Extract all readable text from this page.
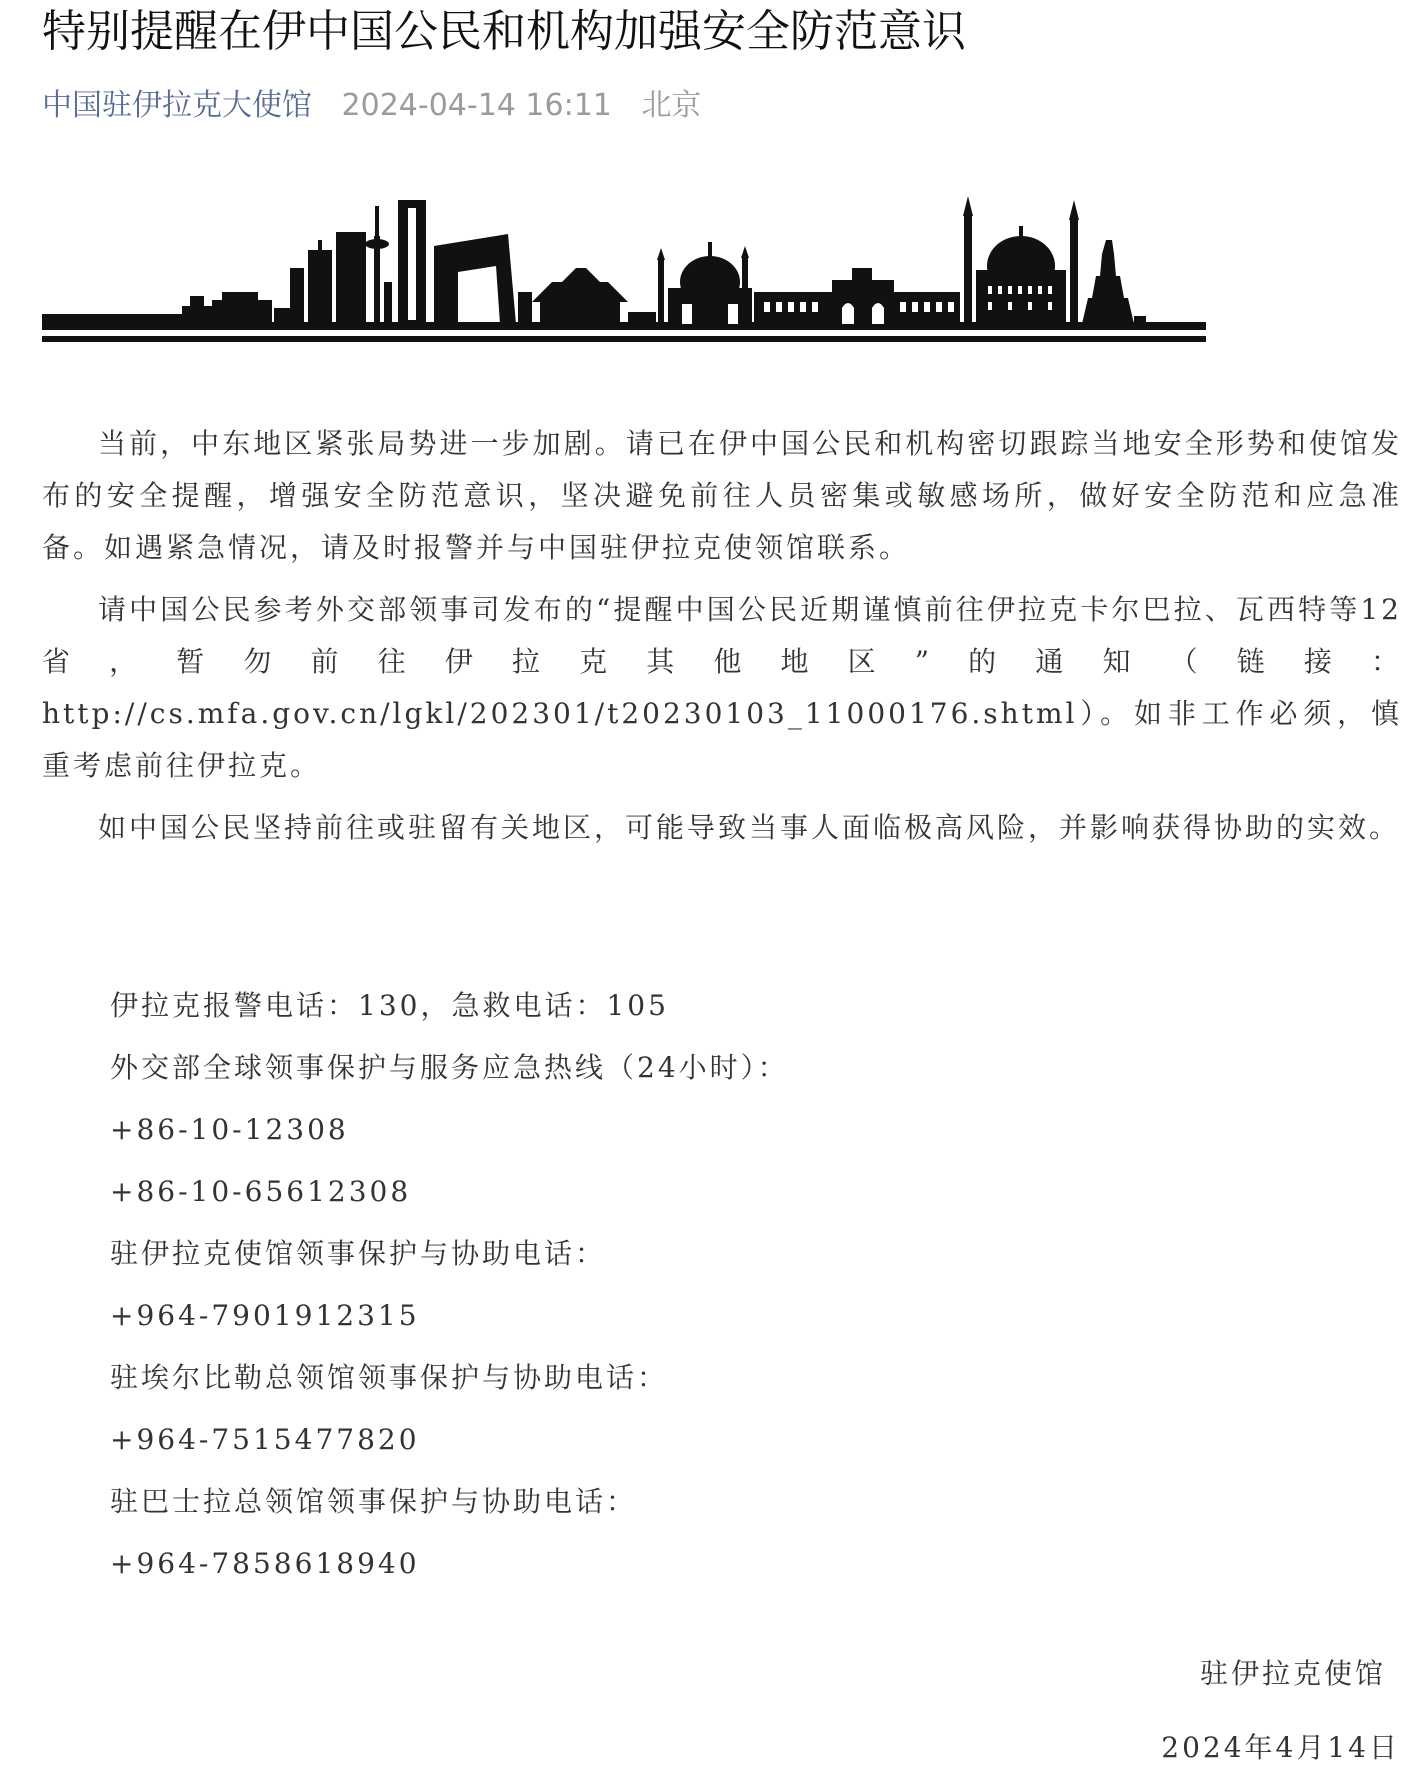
特别提醒在伊中国公民和机构加强安全防范意识
中国驻伊拉克大使馆 2024-04-14 16:11 北京

当前，中东地区紧张局势进一步加剧。请已在伊中国公民和机构密切跟踪当地安全形势和使馆发布的安全提醒，增强安全防范意识，坚决避免前往人员密集或敏感场所，做好安全防范和应急准备。如遇紧急情况，请及时报警并与中国驻伊拉克使领馆联系。

请中国公民参考外交部领事司发布的“提醒中国公民近期谨慎前往伊拉克卡尔巴拉、瓦西特等12省，暂勿前往伊拉克其他地区”的通知（链接：http://cs.mfa.gov.cn/lgkl/202301/t20230103_11000176.shtml）。如非工作必须，慎重考虑前往伊拉克。

如中国公民坚持前往或驻留有关地区，可能导致当事人面临极高风险，并影响获得协助的实效。

伊拉克报警电话：130，急救电话：105
外交部全球领事保护与服务应急热线（24小时）：
+86-10-12308
+86-10-65612308
驻伊拉克使馆领事保护与协助电话：
+964-7901912315
驻埃尔比勒总领馆领事保护与协助电话：
+964-7515477820
驻巴士拉总领馆领事保护与协助电话：
+964-7858618940
驻伊拉克使馆
2024年4月14日
